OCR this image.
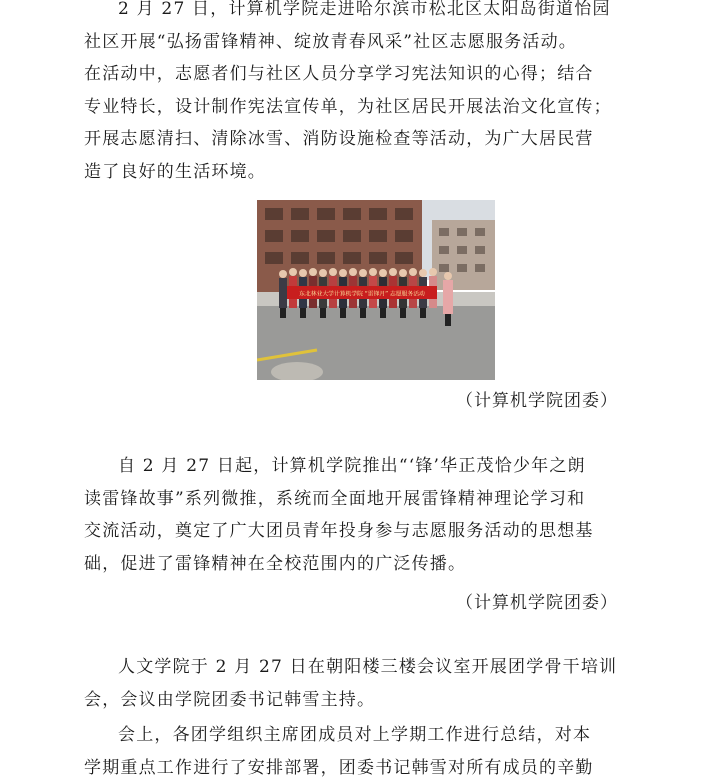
2 月 27 日，计算机学院走进哈尔滨市松北区太阳岛街道怡园
社区开展“弘扬雷锋精神、绽放青春风采”社区志愿服务活动。
在活动中，志愿者们与社区人员分享学习宪法知识的心得；结合
专业特长，设计制作宪法宣传单，为社区居民开展法治文化宣传；
开展志愿清扫、清除冰雪、消防设施检查等活动，为广大居民营
造了良好的生活环境。

东北林业大学计算机学院 “雷锋月” 志愿服务活动
（计算机学院团委）

自 2 月 27 日起，计算机学院推出“‘锋’华正茂恰少年之朗
读雷锋故事”系列微推，系统而全面地开展雷锋精神理论学习和
交流活动，奠定了广大团员青年投身参与志愿服务活动的思想基
础，促进了雷锋精神在全校范围内的广泛传播。

（计算机学院团委）

人文学院于 2 月 27 日在朝阳楼三楼会议室开展团学骨干培训
会，会议由学院团委书记韩雪主持。

会上，各团学组织主席团成员对上学期工作进行总结，对本
学期重点工作进行了安排部署，团委书记韩雪对所有成员的辛勤
